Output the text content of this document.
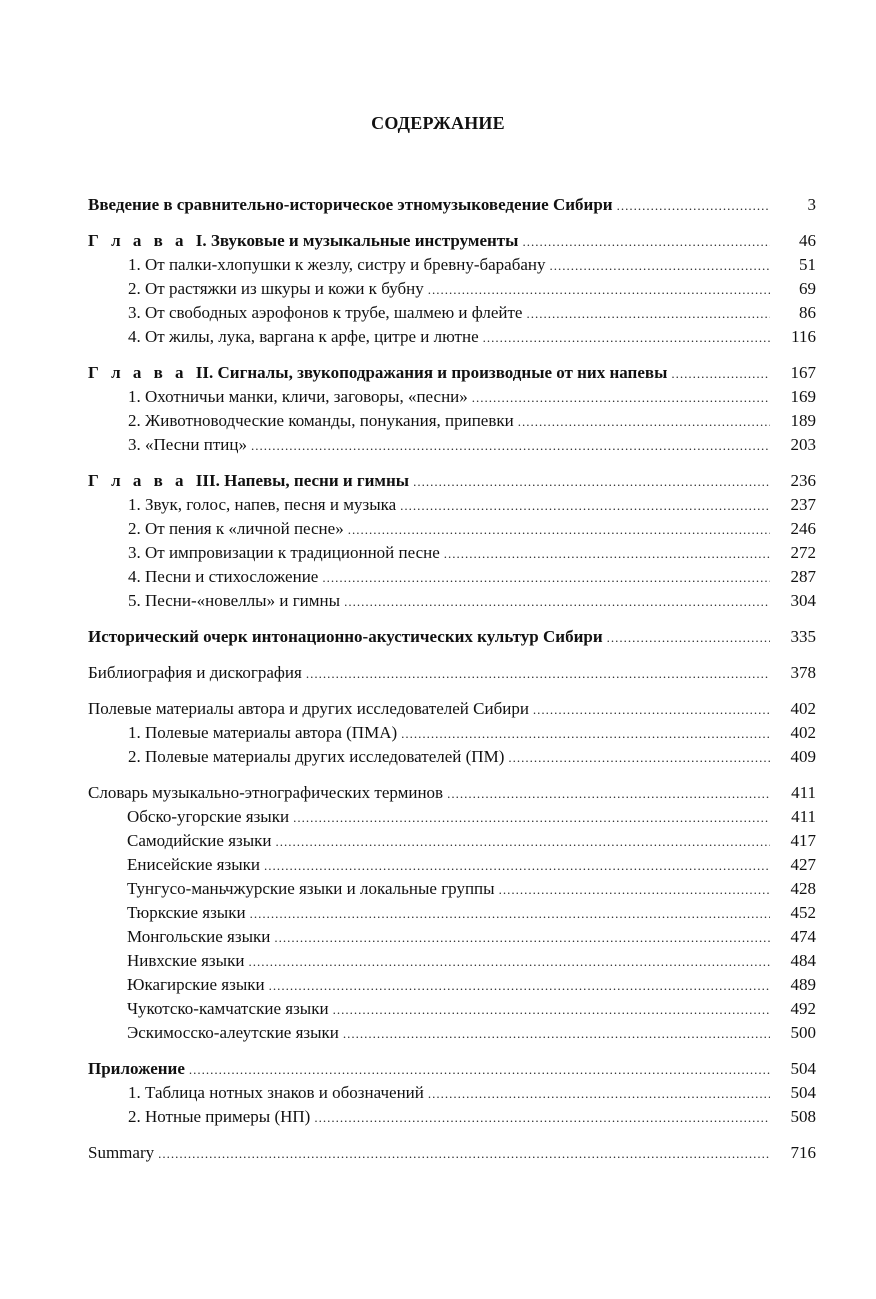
СОДЕРЖАНИЕ
Введение в сравнительно-историческое этномузыковедение Сибири .....	3
Г л а в а I. Звуковые и музыкальные инструменты .....	46
1. От палки-хлопушки к жезлу, систру и бревну-барабану .....	51
2. От растяжки из шкуры и кожи к бубну .....	69
3. От свободных аэрофонов к трубе, шалмею и флейте .....	86
4. От жилы, лука, варгана к арфе, цитре и лютне .....	116
Г л а в а II. Сигналы, звукоподражания и производные от них напевы .....	167
1. Охотничьи манки, кличи, заговоры, «песни» .....	169
2. Животноводческие команды, понукания, припевки .....	189
3. «Песни птиц» .....	203
Г л а в а III. Напевы, песни и гимны .....	236
1. Звук, голос, напев, песня и музыка .....	237
2. От пения к «личной песне» .....	246
3. От импровизации к традиционной песне .....	272
4. Песни и стихосложение .....	287
5. Песни-«новеллы» и гимны .....	304
Исторический очерк интонационно-акустических культур Сибири .....	335
Библиография и дискография .....	378
Полевые материалы автора и других исследователей Сибири .....	402
1. Полевые материалы автора (ПМА) .....	402
2. Полевые материалы других исследователей (ПМ) .....	409
Словарь музыкально-этнографических терминов .....	411
Обско-угорские языки .....	411
Самодийские языки .....	417
Енисейские языки .....	427
Тунгусо-маньчжурские языки и локальные группы .....	428
Тюркские языки .....	452
Монгольские языки .....	474
Нивхские языки .....	484
Юкагирские языки .....	489
Чукотско-камчатские языки .....	492
Эскимосско-алеутские языки .....	500
Приложение .....	504
1. Таблица нотных знаков и обозначений .....	504
2. Нотные примеры (НП) .....	508
Summary .....	716
